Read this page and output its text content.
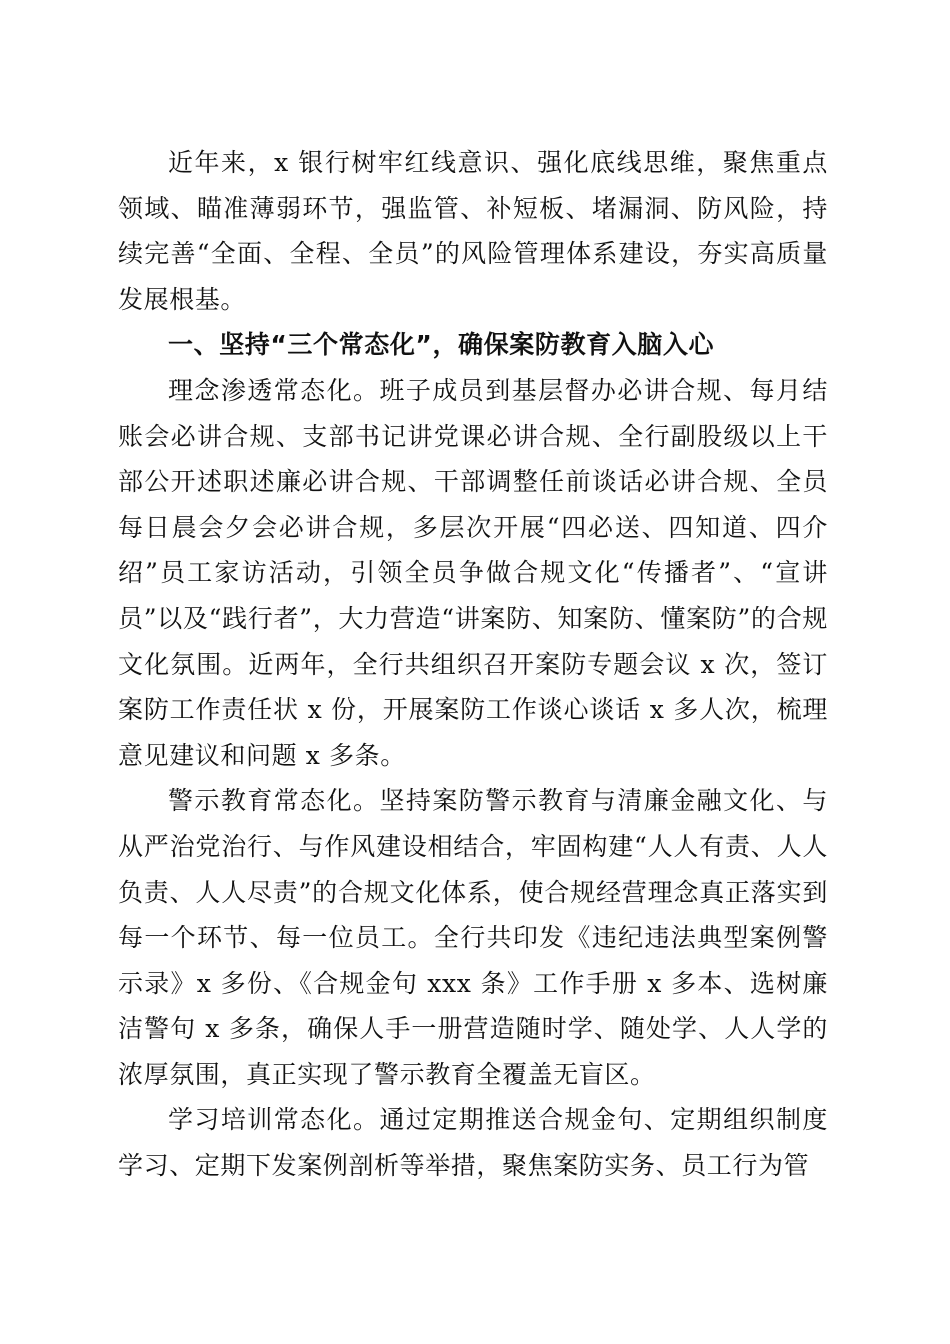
近年来，x 银行树牢红线意识、强化底线思维，聚焦重点领域、瞄准薄弱环节，强监管、补短板、堵漏洞、防风险，持续完善“全面、全程、全员”的风险管理体系建设，夯实高质量发展根基。

一、坚持“三个常态化”，确保案防教育入脑入心

理念渗透常态化。班子成员到基层督办必讲合规、每月结账会必讲合规、支部书记讲党课必讲合规、全行副股级以上干部公开述职述廉必讲合规、干部调整任前谈话必讲合规、全员每日晨会夕会必讲合规，多层次开展“四必送、四知道、四介绍”员工家访活动，引领全员争做合规文化“传播者”、“宣讲员”以及“践行者”，大力营造“讲案防、知案防、懂案防”的合规文化氛围。近两年，全行共组织召开案防专题会议 x 次，签订案防工作责任状 x 份，开展案防工作谈心谈话 x 多人次，梳理意见建议和问题 x 多条。

警示教育常态化。坚持案防警示教育与清廉金融文化、与从严治党治行、与作风建设相结合，牢固构建“人人有责、人人负责、人人尽责”的合规文化体系，使合规经营理念真正落实到每一个环节、每一位员工。全行共印发《违纪违法典型案例警示录》x 多份、《合规金句 xxx 条》工作手册 x 多本、选树廉洁警句 x 多条，确保人手一册营造随时学、随处学、人人学的浓厚氛围，真正实现了警示教育全覆盖无盲区。

学习培训常态化。通过定期推送合规金句、定期组织制度学习、定期下发案例剖析等举措，聚焦案防实务、员工行为管
